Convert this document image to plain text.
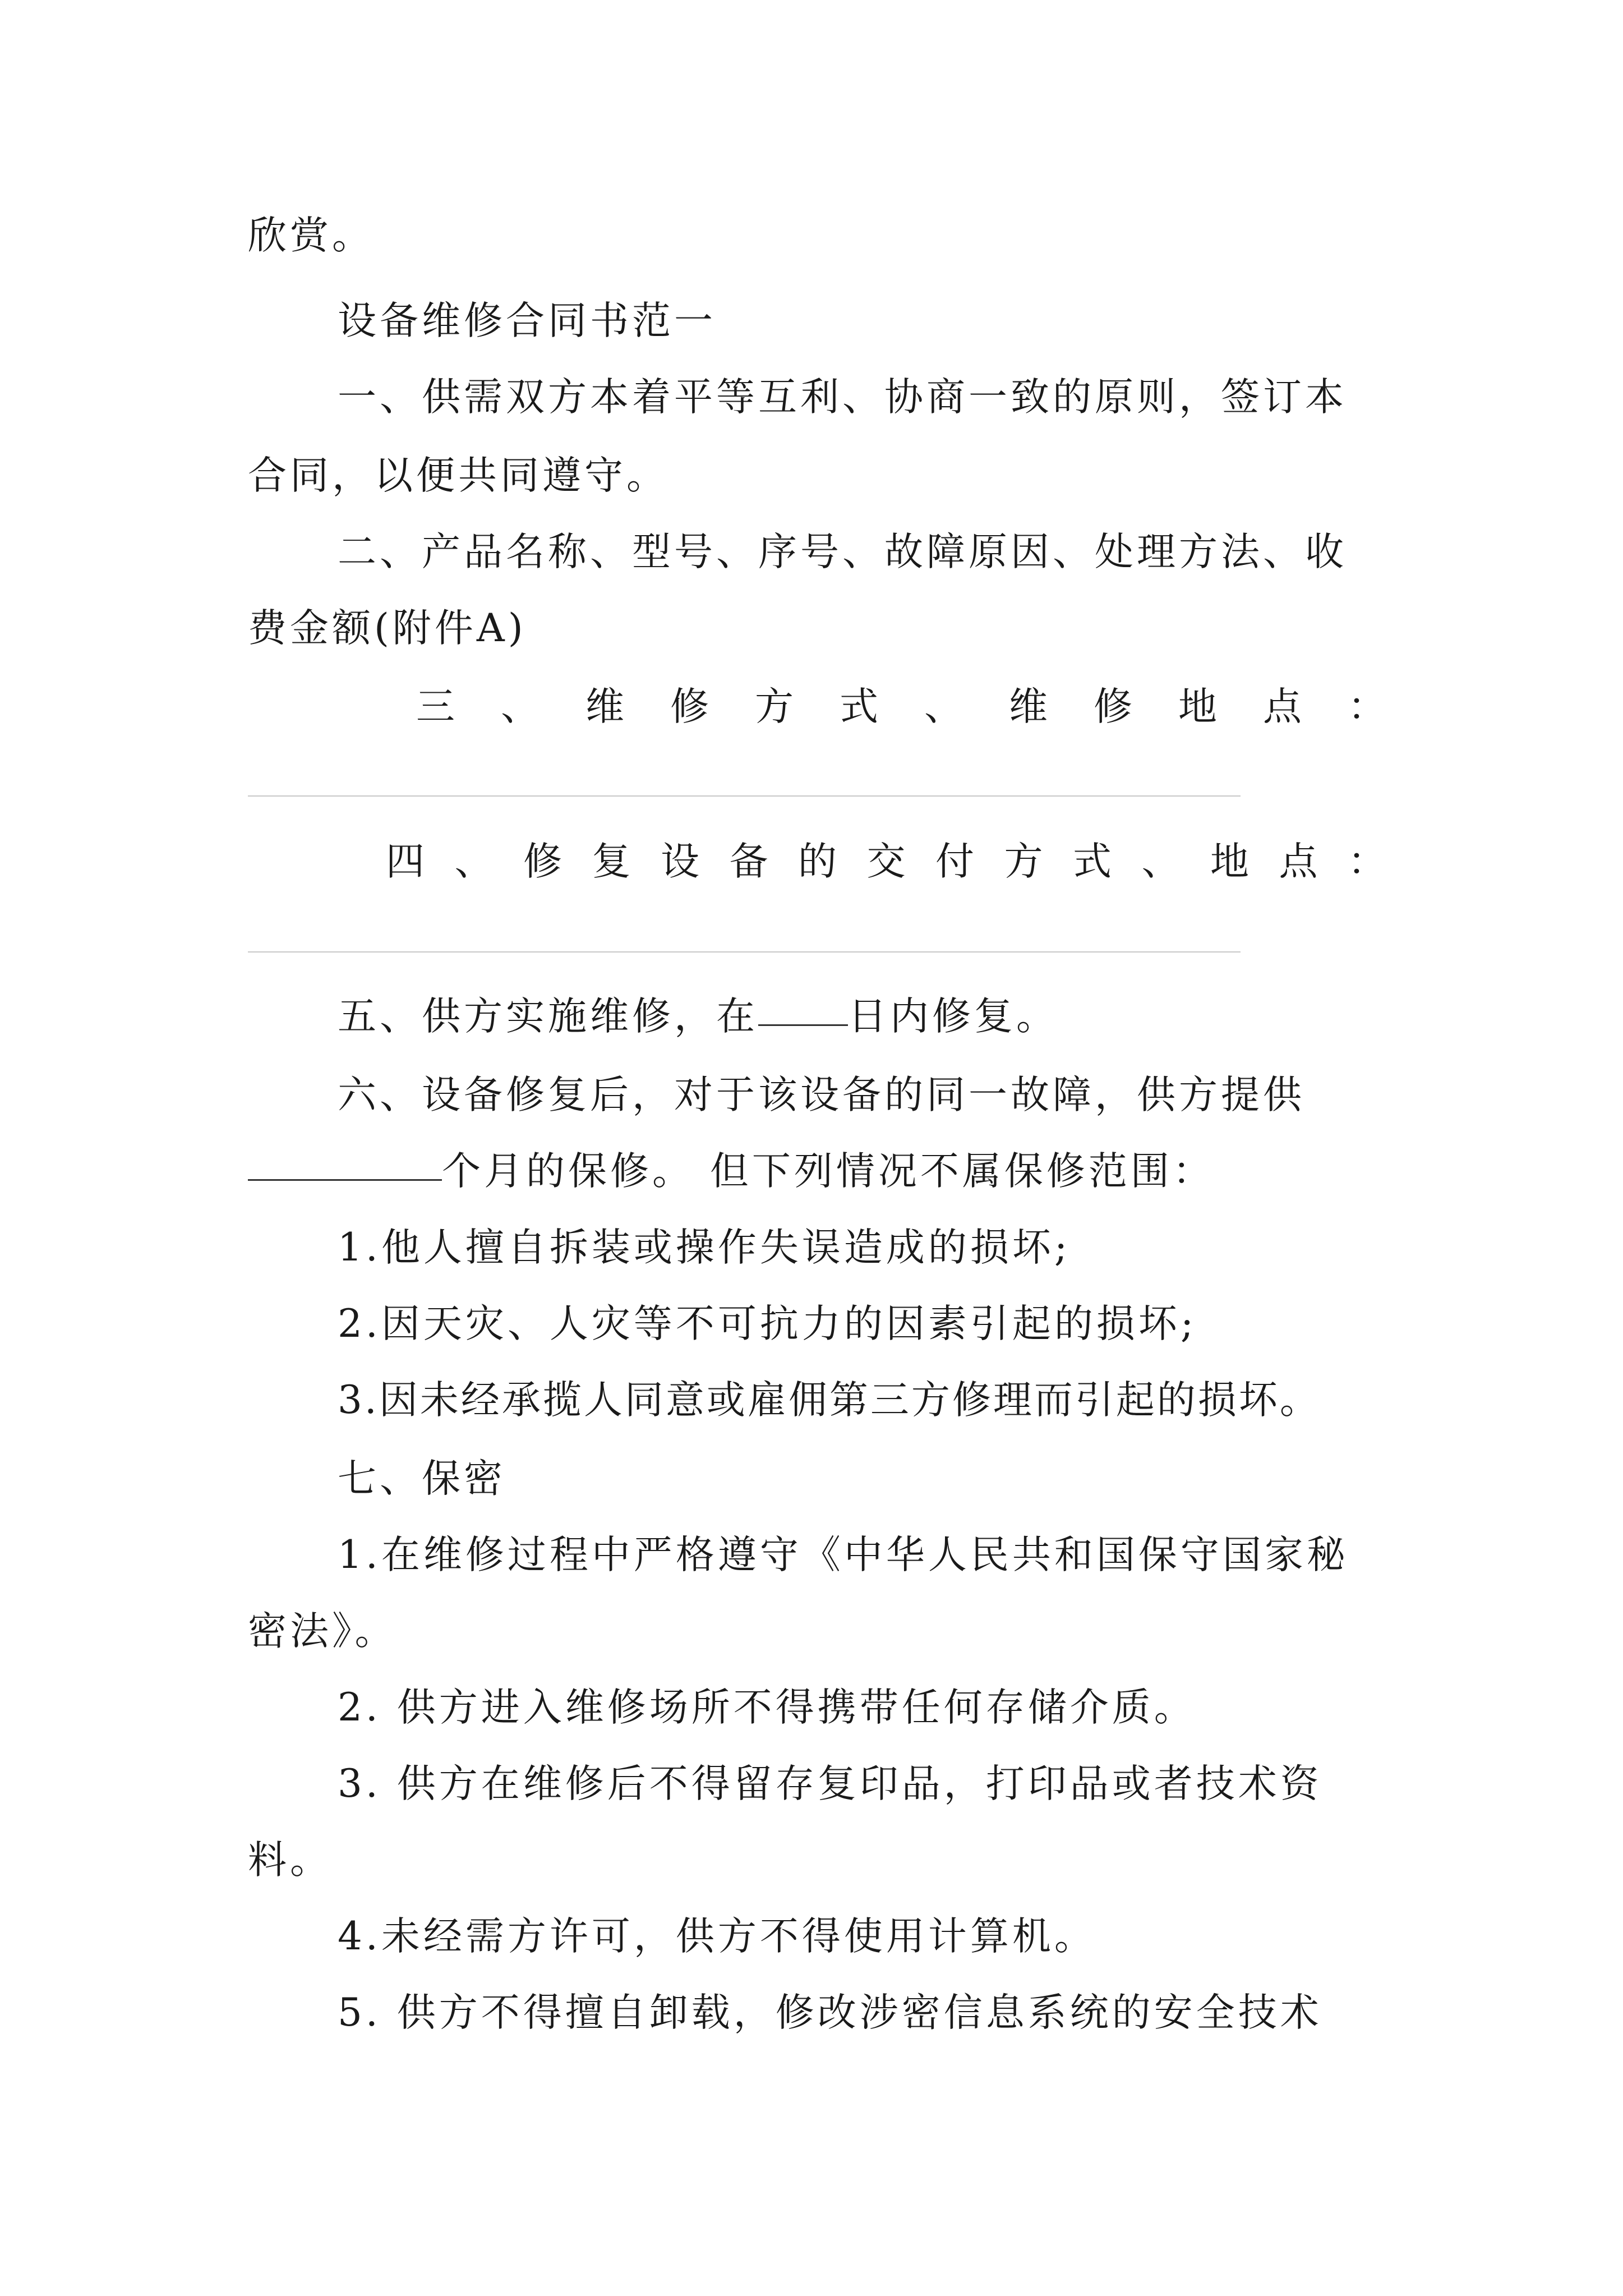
欣赏。
设备维修合同书范一
一、供需双方本着平等互利、协商一致的原则，签订本
合同，以便共同遵守。
二、产品名称、型号、序号、故障原因、处理方法、收
费金额(附件A)
三 、 维 修 方 式 、 维 修 地 点 ：
四 、 修 复 设 备 的 交 付 方 式 、 地 点 ：
五、供方实施维修，在 日内修复。
六、设备修复后，对于该设备的同一故障，供方提供
个月的保修。 但下列情况不属保修范围：
1.他人擅自拆装或操作失误造成的损坏;
2.因天灾、人灾等不可抗力的因素引起的损坏;
3.因未经承揽人同意或雇佣第三方修理而引起的损坏。
七、保密
1.在维修过程中严格遵守《中华人民共和国保守国家秘
密法》。
2. 供方进入维修场所不得携带任何存储介质。
3. 供方在维修后不得留存复印品，打印品或者技术资
料。
4.未经需方许可，供方不得使用计算机。
5. 供方不得擅自卸载，修改涉密信息系统的安全技术
